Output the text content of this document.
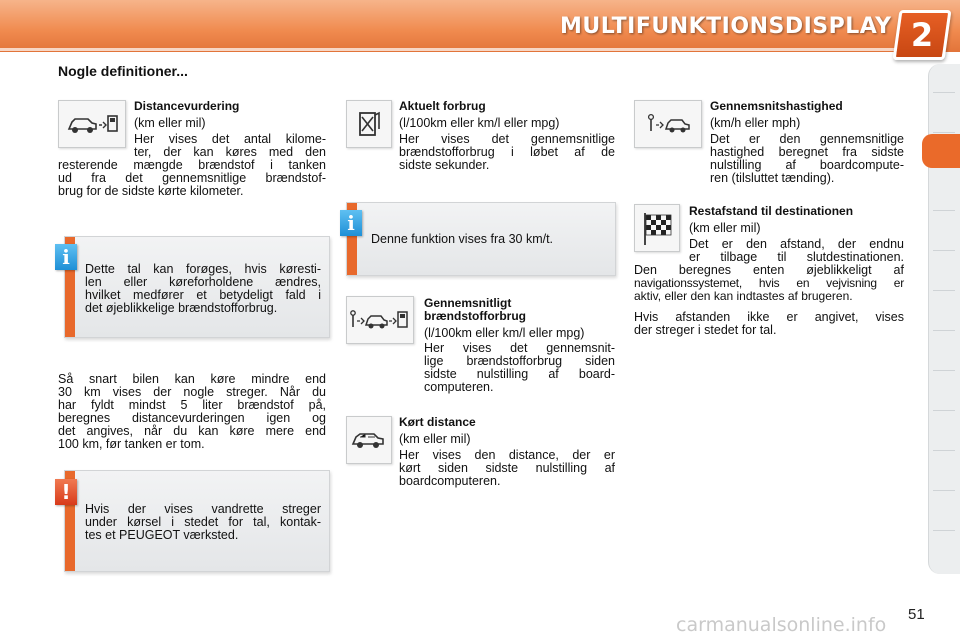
MULTIFUNKTIONSDISPLAY 2
Nogle definitioner...
Distancevurdering
(km eller mil)
Her vises det antal kilome-
ter, der kan køres med den
resterende mængde brændstof i tanken
ud fra det gennemsnitlige brændstof-
brug for de sidste kørte kilometer.
Dette tal kan forøges, hvis køresti-
len eller køreforholdene ændres,
hvilket medfører et betydeligt fald i
det øjeblikkelige brændstofforbrug.
i
Så snart bilen kan køre mindre end
30 km vises der nogle streger. Når du
har fyldt mindst 5 liter brændstof på,
beregnes distancevurderingen igen og
det angives, når du kan køre mere end
100 km, før tanken er tom.
Hvis der vises vandrette streger
under kørsel i stedet for tal, kontak-
tes et PEUGEOT værksted.
!
Aktuelt forbrug
(l/100km eller km/l eller mpg)
Her vises det gennemsnitlige
brændstofforbrug i løbet af de
sidste sekunder.
Denne funktion vises fra 30 km/t.
i
Gennemsnitligt
brændstofforbrug
(l/100km eller km/l eller mpg)
Her vises det gennemsnit-
lige brændstofforbrug siden
sidste nulstilling af board-
computeren.
Kørt distance
(km eller mil)
Her vises den distance, der er
kørt siden sidste nulstilling af
boardcomputeren.
Gennemsnitshastighed
(km/h eller mph)
Det er den gennemsnitlige
hastighed beregnet fra sidste
nulstilling af boardcompute-
ren (tilsluttet tænding).
Restafstand til destinationen
(km eller mil)
Det er den afstand, der endnu
er tilbage til slutdestinationen.
Den beregnes enten øjeblikkeligt af
navigationssystemet, hvis en vejvisning er
aktiv, eller den kan indtastes af brugeren.
Hvis afstanden ikke er angivet, vises
der streger i stedet for tal.
carmanualsonline.info 51
